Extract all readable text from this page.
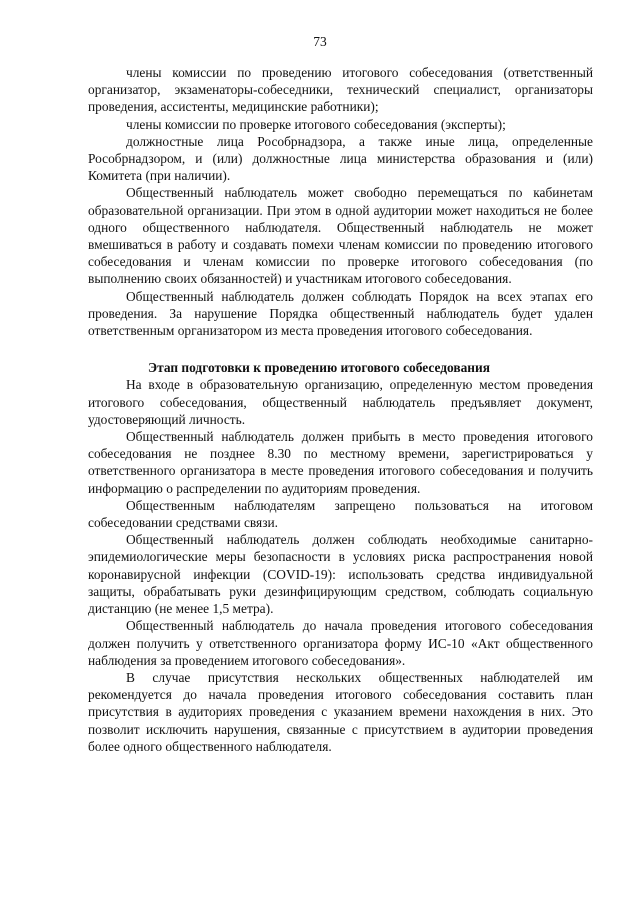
73

члены комиссии по проведению итогового собеседования (ответственный организатор, экзаменаторы-собеседники, технический специалист, организаторы проведения, ассистенты, медицинские работники);

члены комиссии по проверке итогового собеседования (эксперты);

должностные лица Рособрнадзора, а также иные лица, определенные Рособрнадзором, и (или) должностные лица министерства образования и (или) Комитета (при наличии).

Общественный наблюдатель может свободно перемещаться по кабинетам образовательной организации. При этом в одной аудитории может находиться не более одного общественного наблюдателя. Общественный наблюдатель не может вмешиваться в работу и создавать помехи членам комиссии по проведению итогового собеседования и членам комиссии по проверке итогового собеседования (по выполнению своих обязанностей) и участникам итогового собеседования.

Общественный наблюдатель должен соблюдать Порядок на всех этапах его проведения. За нарушение Порядка общественный наблюдатель будет удален ответственным организатором из места проведения итогового собеседования.

Этап подготовки к проведению итогового собеседования

На входе в образовательную организацию, определенную местом проведения итогового собеседования, общественный наблюдатель предъявляет документ, удостоверяющий личность.

Общественный наблюдатель должен прибыть в место проведения итогового собеседования не позднее 8.30 по местному времени, зарегистрироваться у ответственного организатора в месте проведения итогового собеседования и получить информацию о распределении по аудиториям проведения.

Общественным наблюдателям запрещено пользоваться на итоговом собеседовании средствами связи.

Общественный наблюдатель должен соблюдать необходимые санитарно-эпидемиологические меры безопасности в условиях риска распространения новой коронавирусной инфекции (COVID-19): использовать средства индивидуальной защиты, обрабатывать руки дезинфицирующим средством, соблюдать социальную дистанцию (не менее 1,5 метра).

Общественный наблюдатель до начала проведения итогового собеседования должен получить у ответственного организатора форму ИС-10 «Акт общественного наблюдения за проведением итогового собеседования».

В случае присутствия нескольких общественных наблюдателей им рекомендуется до начала проведения итогового собеседования составить план присутствия в аудиториях проведения с указанием времени нахождения в них. Это позволит исключить нарушения, связанные с присутствием в аудитории проведения более одного общественного наблюдателя.
